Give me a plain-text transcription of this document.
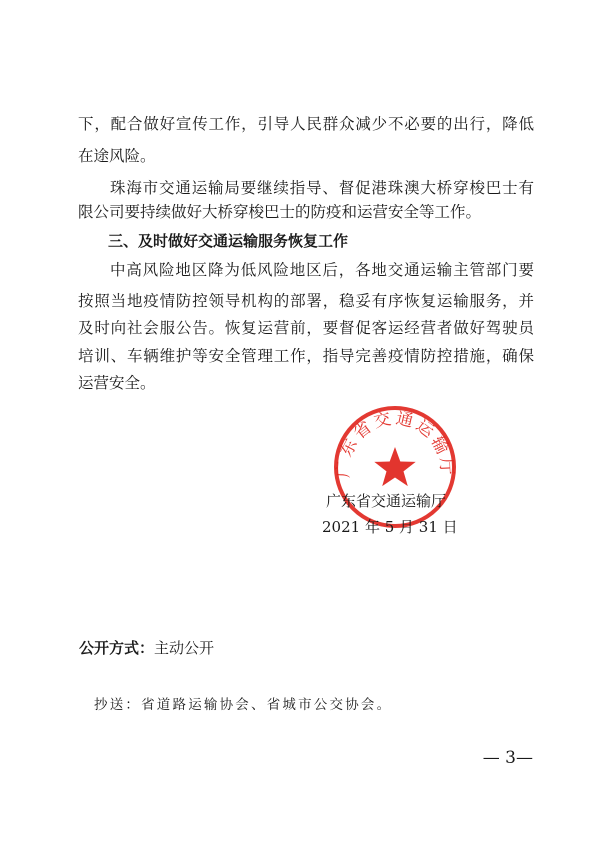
下，配合做好宣传工作，引导人民群众减少不必要的出行，降低
在途风险。
珠海市交通运输局要继续指导、督促港珠澳大桥穿梭巴士有
限公司要持续做好大桥穿梭巴士的防疫和运营安全等工作。
三、及时做好交通运输服务恢复工作
中高风险地区降为低风险地区后，各地交通运输主管部门要
按照当地疫情防控领导机构的部署，稳妥有序恢复运输服务，并
及时向社会服公告。恢复运营前，要督促客运经营者做好驾驶员
培训、车辆维护等安全管理工作，指导完善疫情防控措施，确保
运营安全。
广东省交通运输厅
广东省交通运输厅
2021 年 5 月 31 日
公开方式：主动公开
抄送：省道路运输协会、省城市公交协会。
— 3—
